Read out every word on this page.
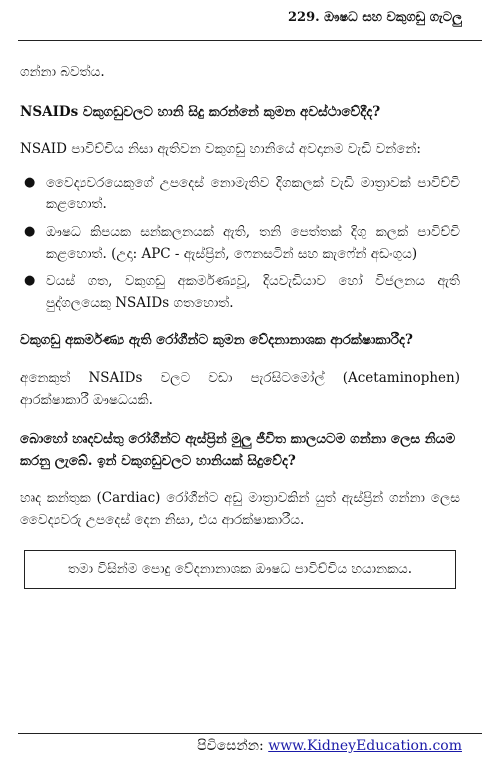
229. ඖෂධ සහ වකුගඩු ගැටලු

ගන්නා බවත්ය.

NSAIDs වකුගඩුවලට හානි සිදු කරන්නේ කුමන අවස්ථාවේදීද?

NSAID පාවිච්චිය නිසා ඇතිවන වකුගඩු හානියේ අවදානම වැඩි වන්නේ:

● වෛද්‍යවරයෙකුගේ උපදෙස් නොමැතිව දිගකලක් වැඩි මාත්‍රාවක් පාවිච්චි කළහොත්.
● ඖෂධ කිපයක සන්කලනයක් ඇති, තනි පෙත්තක් දිගු කලක් පාවිච්චි කළහොත්. (උදා: APC - ඇස්ප්‍රින්, ෆෙනසටින් සහ කැෆේන් අඩංගුය)
● වයස් ගත, වකුගඩු අකර්මණ්‍යවූ, දියවැඩියාව හෝ විජලනය ඇති පුද්ගලයෙකු NSAIDs ගතහොත්.

වකුගඩු අකර්මණ්‍ය ඇති රෝගීන්ට කුමන වේදනානාශක ආරක්ෂාකාරීද?

අනෙකුත් NSAIDs වලට වඩා පැරසිටමෝල් (Acetaminophen) ආරක්ෂාකාරී ඖෂධයකි.

බොහෝ හෘදවස්තු රෝගීන්ට ඇස්ප්‍රින් මුලු ජීවිත කාලයටම ගන්නා ලෙස නියම කරනු ලැබේ. ඉන් වකුගඩුවලට හානියක් සිදුවේද?

හෘද කන්තුක (Cardiac) රෝගීන්ට අඩු මාත්‍රාවකින් යුත් ඇස්ප්‍රින් ගන්නා ලෙස වෛද්‍යවරු උපදෙස් දෙන නිසා, එය ආරක්ෂාකාරීය.

තමා විසින්ම පොදු වේදනානාශක ඖෂධ පාවිච්චිය හයානකය.
පිවිසෙන්න: www.KidneyEducation.com
